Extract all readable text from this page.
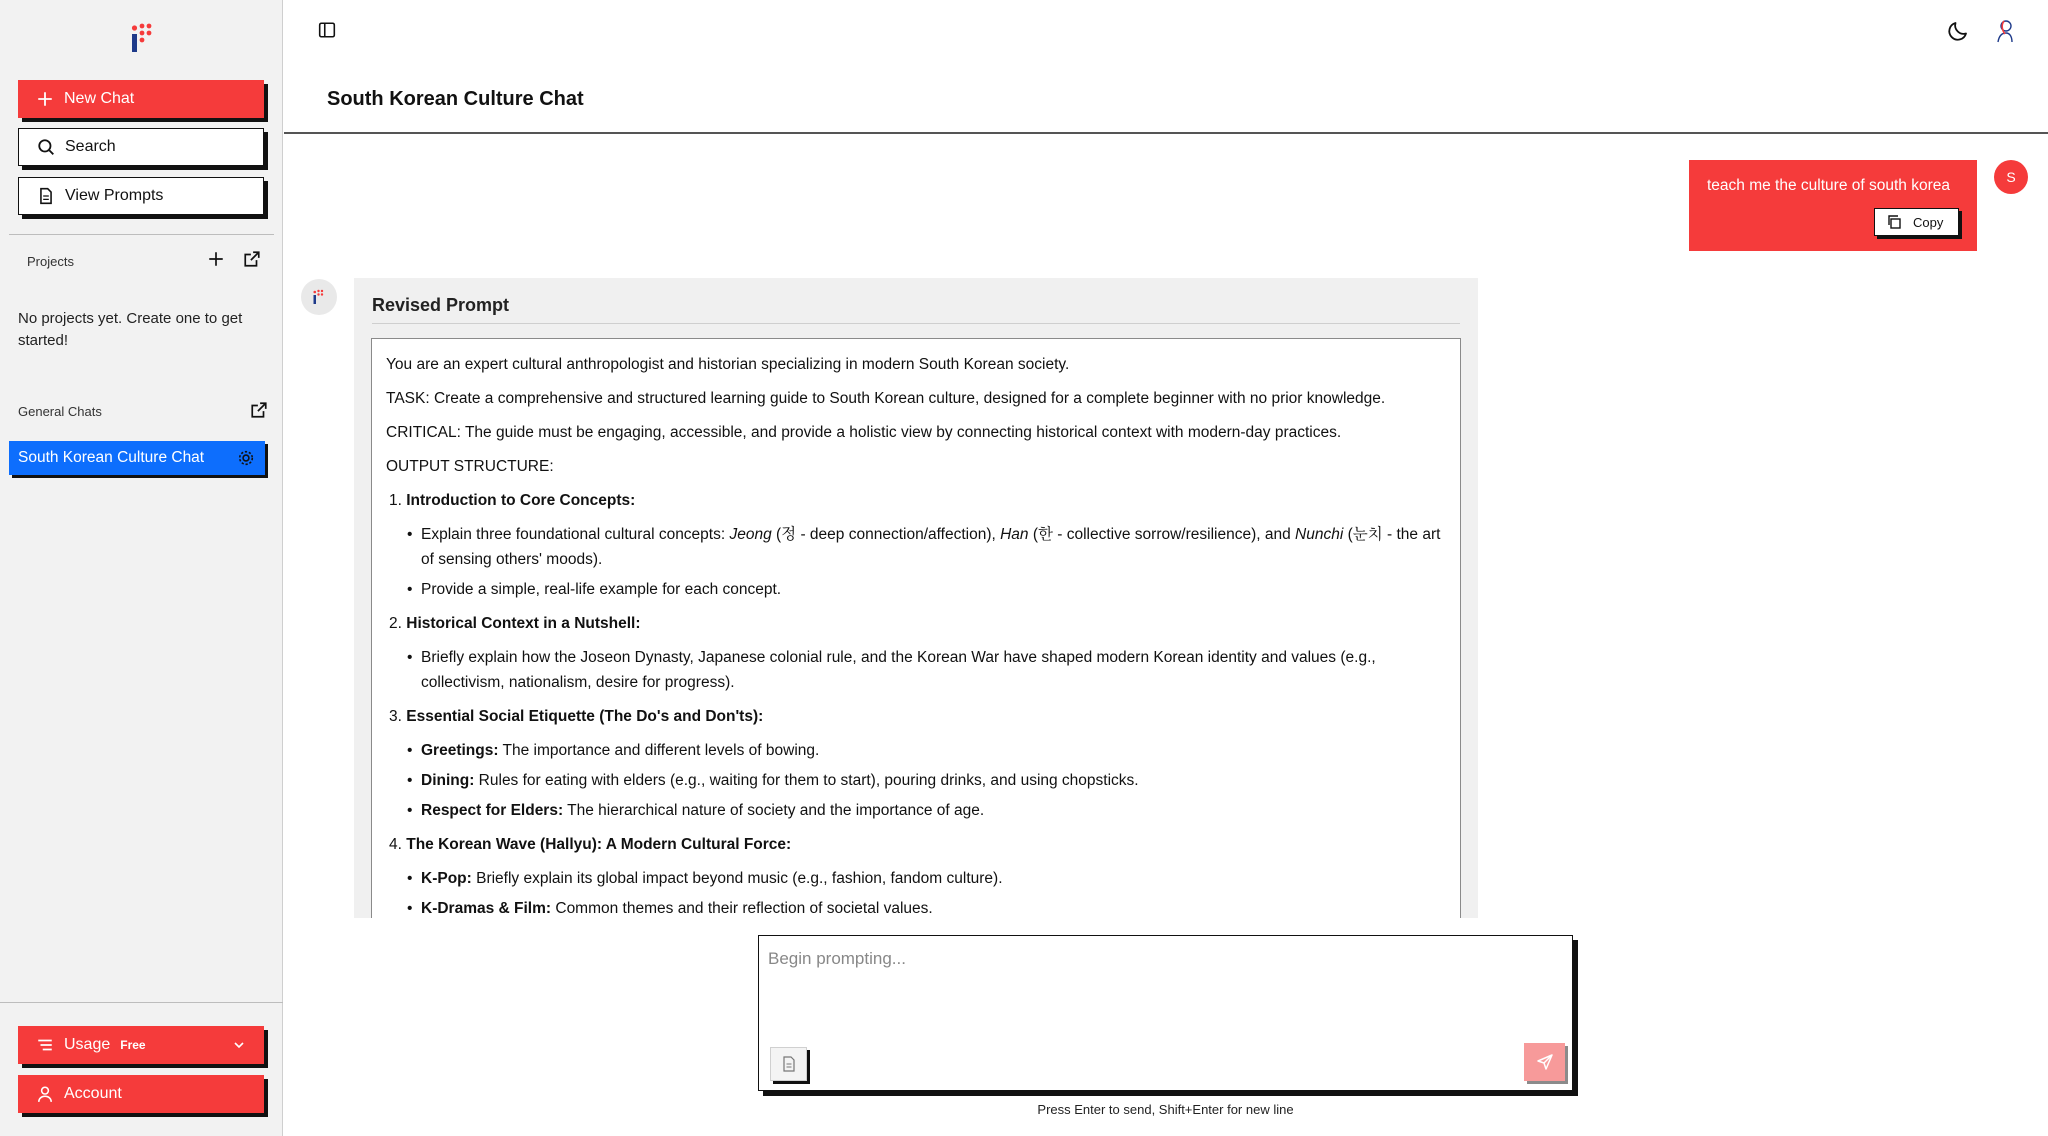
New Chat
Search
View Prompts
Projects
No projects yet. Create one to get started!
General Chats
South Korean Culture Chat
Usage Free
Account
South Korean Culture Chat
teach me the culture of south korea
Copy
S
Revised Prompt

You are an expert cultural anthropologist and historian specializing in modern South Korean society.

TASK: Create a comprehensive and structured learning guide to South Korean culture, designed for a complete beginner with no prior knowledge.

CRITICAL: The guide must be engaging, accessible, and provide a holistic view by connecting historical context with modern-day practices.

OUTPUT STRUCTURE:

1. Introduction to Core Concepts:
• Explain three foundational cultural concepts: Jeong (정 - deep connection/affection), Han (한 - collective sorrow/resilience), and Nunchi (눈치 - the art of sensing others' moods).
• Provide a simple, real-life example for each concept.
2. Historical Context in a Nutshell:
• Briefly explain how the Joseon Dynasty, Japanese colonial rule, and the Korean War have shaped modern Korean identity and values (e.g., collectivism, nationalism, desire for progress).
3. Essential Social Etiquette (The Do's and Don'ts):
• Greetings: The importance and different levels of bowing.
• Dining: Rules for eating with elders (e.g., waiting for them to start), pouring drinks, and using chopsticks.
• Respect for Elders: The hierarchical nature of society and the importance of age.
4. The Korean Wave (Hallyu): A Modern Cultural Force:
• K-Pop: Briefly explain its global impact beyond music (e.g., fashion, fandom culture).
• K-Dramas & Film: Common themes and their reflection of societal values.
Begin prompting...
Press Enter to send, Shift+Enter for new line
